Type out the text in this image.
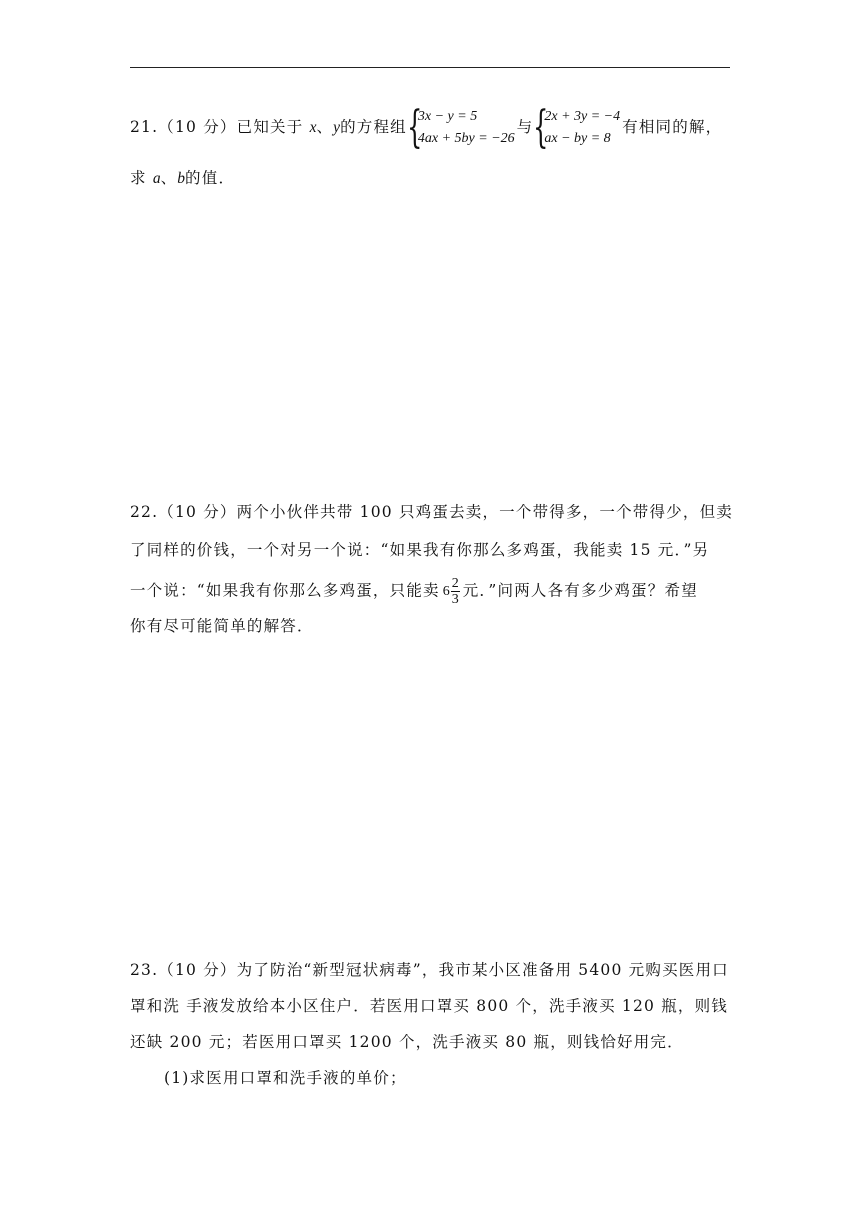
21.（10 分）已知关于 x、y的方程组 {
3x − y = 5
4ax + 5by = −26
与 {
2x + 3y = −4
ax − by = 8
有相同的解，
求 a、b的值．
22.（10 分）两个小伙伴共带 100 只鸡蛋去卖，一个带得多，一个带得少，但卖
了同样的价钱，一个对另一个说：“如果我有你那么多鸡蛋，我能卖 15 元．”另
一个说：“如果我有你那么多鸡蛋，只能卖 $6 \frac{2}{3}$ 元．”问两人各有多少鸡蛋？希望
你有尽可能简单的解答．
23.（10 分）为了防治“新型冠状病毒”，我市某小区准备用 5400 元购买医用口
罩和洗 手液发放给本小区住户．若医用口罩买 800 个，洗手液买 120 瓶，则钱
还缺 200 元；若医用口罩买 1200 个，洗手液买 80 瓶，则钱恰好用完．
(1)求医用口罩和洗手液的单价；
